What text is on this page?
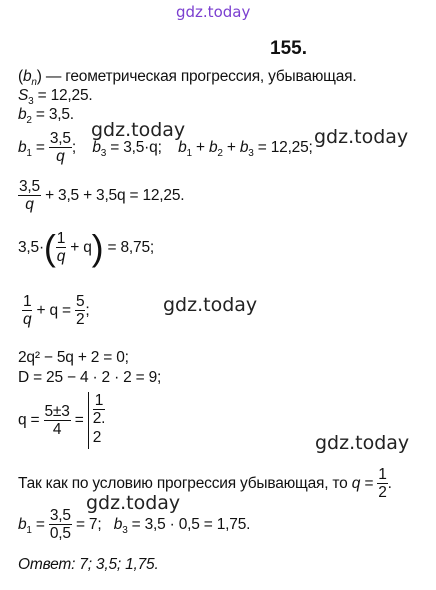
gdz.today
155.
$(b_n)$ — геометрическая прогрессия, убывающая.
$S_3 = 12,25$.
$b_2 = 3,5$.
gdz.today	gdz.today
$b_1 = \frac{3,5}{q}$ ;    $b_3 = 3,5\cdot q$; $b_1 + b_2 + b_3 = 12,25$;
$\frac{3,5}{q} + 3,5 + 3,5q = 12,25$.
$3,5\cdot( \frac{1}{q} + q) = 8,75$;
$\frac{1}{q} + q = \frac{5}{2}$ ;	gdz.today
2q² − 5q + 2 = 0;
D = 25 − 4 · 2 · 2 = 9;
$q = \frac{5\pm 3}{4}$ =
1
2.
2	gdz.today
Так как по условию прогрессия убывающая, то $q = \frac{1}{2}$ .
gdz.today
$b_1 = \frac{3,5}{0,5} = 7$; $b_3 = 3,5 \cdot 0,5 = 1,75$.
Ответ: 7; 3,5; 1,75.
